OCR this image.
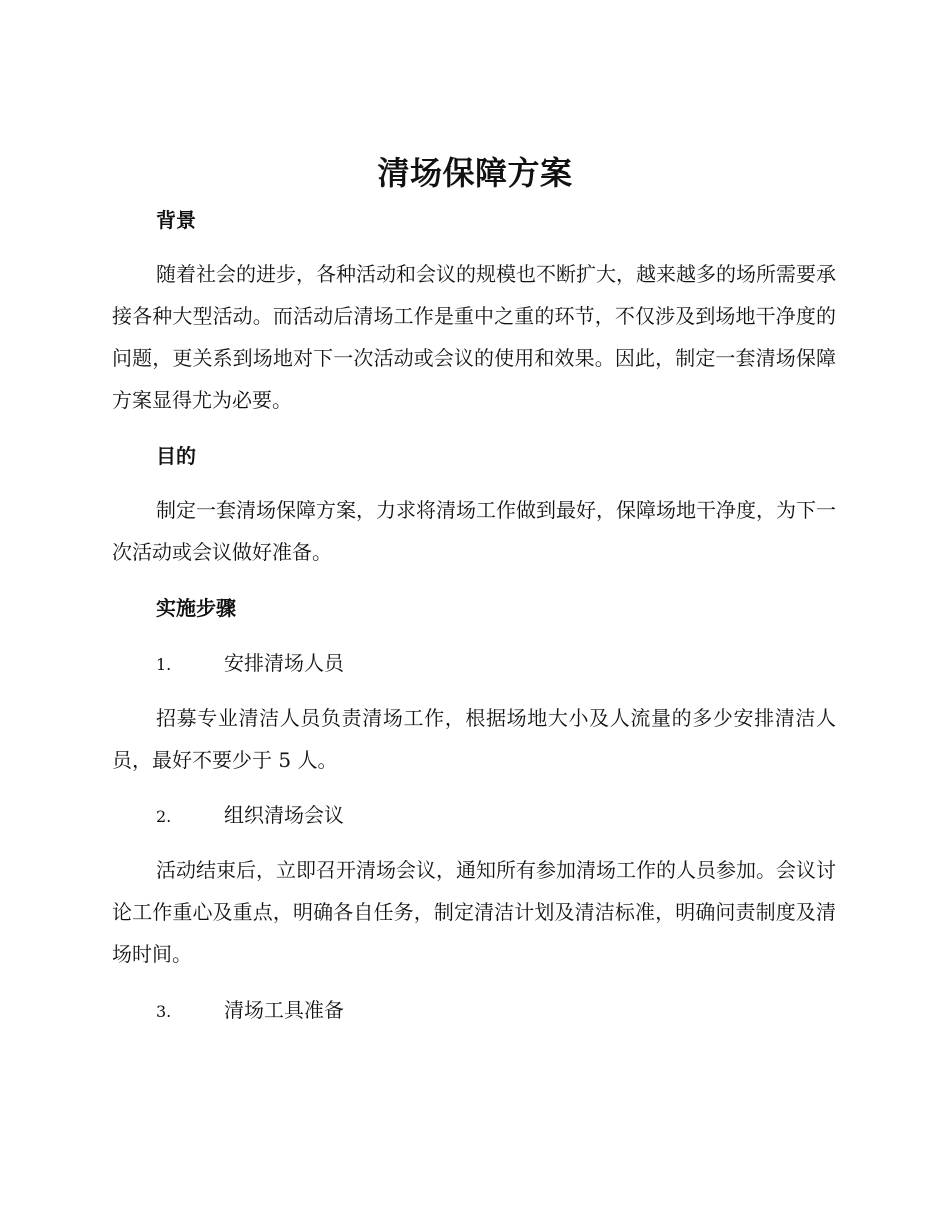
清场保障方案
背景

随着社会的进步，各种活动和会议的规模也不断扩大，越来越多的场所需要承接各种大型活动。而活动后清场工作是重中之重的环节，不仅涉及到场地干净度的问题，更关系到场地对下一次活动或会议的使用和效果。因此，制定一套清场保障方案显得尤为必要。

目的

制定一套清场保障方案，力求将清场工作做到最好，保障场地干净度，为下一次活动或会议做好准备。

实施步骤
1.	安排清场人员

招募专业清洁人员负责清场工作，根据场地大小及人流量的多少安排清洁人员，最好不要少于 5 人。

2.	组织清场会议

活动结束后，立即召开清场会议，通知所有参加清场工作的人员参加。会议讨论工作重心及重点，明确各自任务，制定清洁计划及清洁标准，明确问责制度及清场时间。

3.	清场工具准备
